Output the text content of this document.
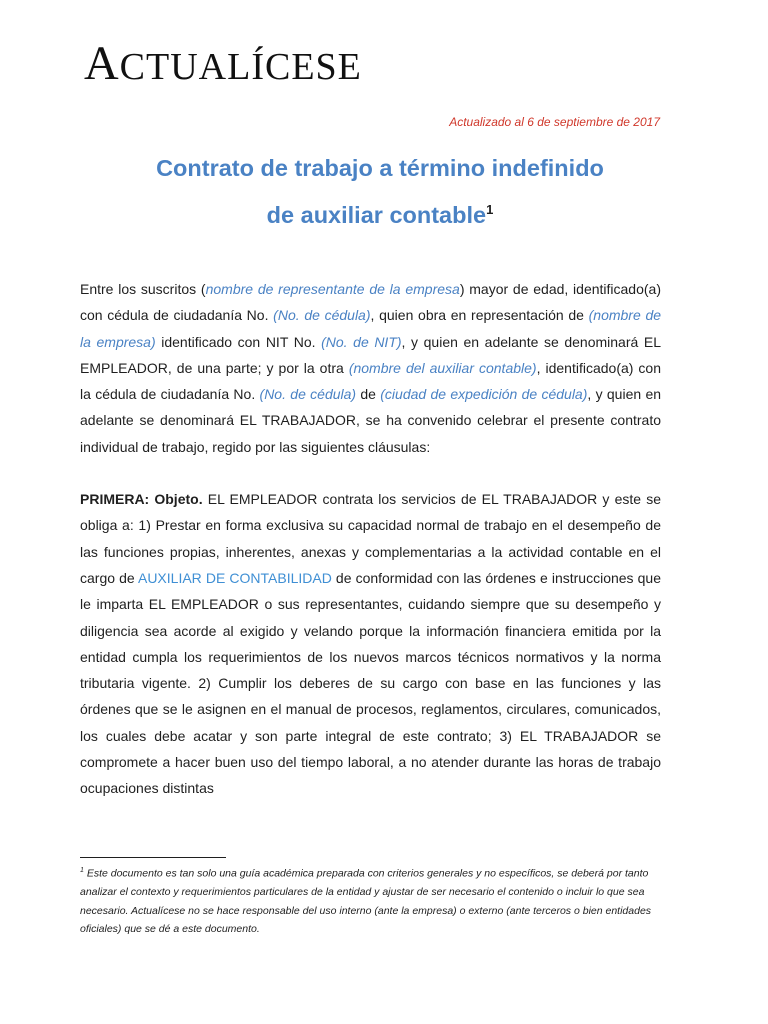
ACTUALÍCESE
Actualizado al 6 de septiembre de 2017
Contrato de trabajo a término indefinido
de auxiliar contable$^1$

Entre los suscritos (nombre de representante de la empresa) mayor de edad, identificado(a) con cédula de ciudadanía No. (No. de cédula), quien obra en representación de (nombre de la empresa) identificado con NIT No. (No. de NIT), y quien en adelante se denominará EL EMPLEADOR, de una parte; y por la otra (nombre del auxiliar contable), identificado(a) con la cédula de ciudadanía No. (No. de cédula) de (ciudad de expedición de cédula), y quien en adelante se denominará EL TRABAJADOR, se ha convenido celebrar el presente contrato individual de trabajo, regido por las siguientes cláusulas:

PRIMERA: Objeto. EL EMPLEADOR contrata los servicios de EL TRABAJADOR y este se obliga a: 1) Prestar en forma exclusiva su capacidad normal de trabajo en el desempeño de las funciones propias, inherentes, anexas y complementarias a la actividad contable en el cargo de AUXILIAR DE CONTABILIDAD de conformidad con las órdenes e instrucciones que le imparta EL EMPLEADOR o sus representantes, cuidando siempre que su desempeño y diligencia sea acorde al exigido y velando porque la información financiera emitida por la entidad cumpla los requerimientos de los nuevos marcos técnicos normativos y la norma tributaria vigente. 2) Cumplir los deberes de su cargo con base en las funciones y las órdenes que se le asignen en el manual de procesos, reglamentos, circulares, comunicados, los cuales debe acatar y son parte integral de este contrato; 3) EL TRABAJADOR se compromete a hacer buen uso del tiempo laboral, a no atender durante las horas de trabajo ocupaciones distintas

$^1$ Este documento es tan solo una guía académica preparada con criterios generales y no específicos, se deberá por tanto analizar el contexto y requerimientos particulares de la entidad y ajustar de ser necesario el contenido o incluir lo que sea necesario. Actualícese no se hace responsable del uso interno (ante la empresa) o externo (ante terceros o bien entidades oficiales) que se dé a este documento.
